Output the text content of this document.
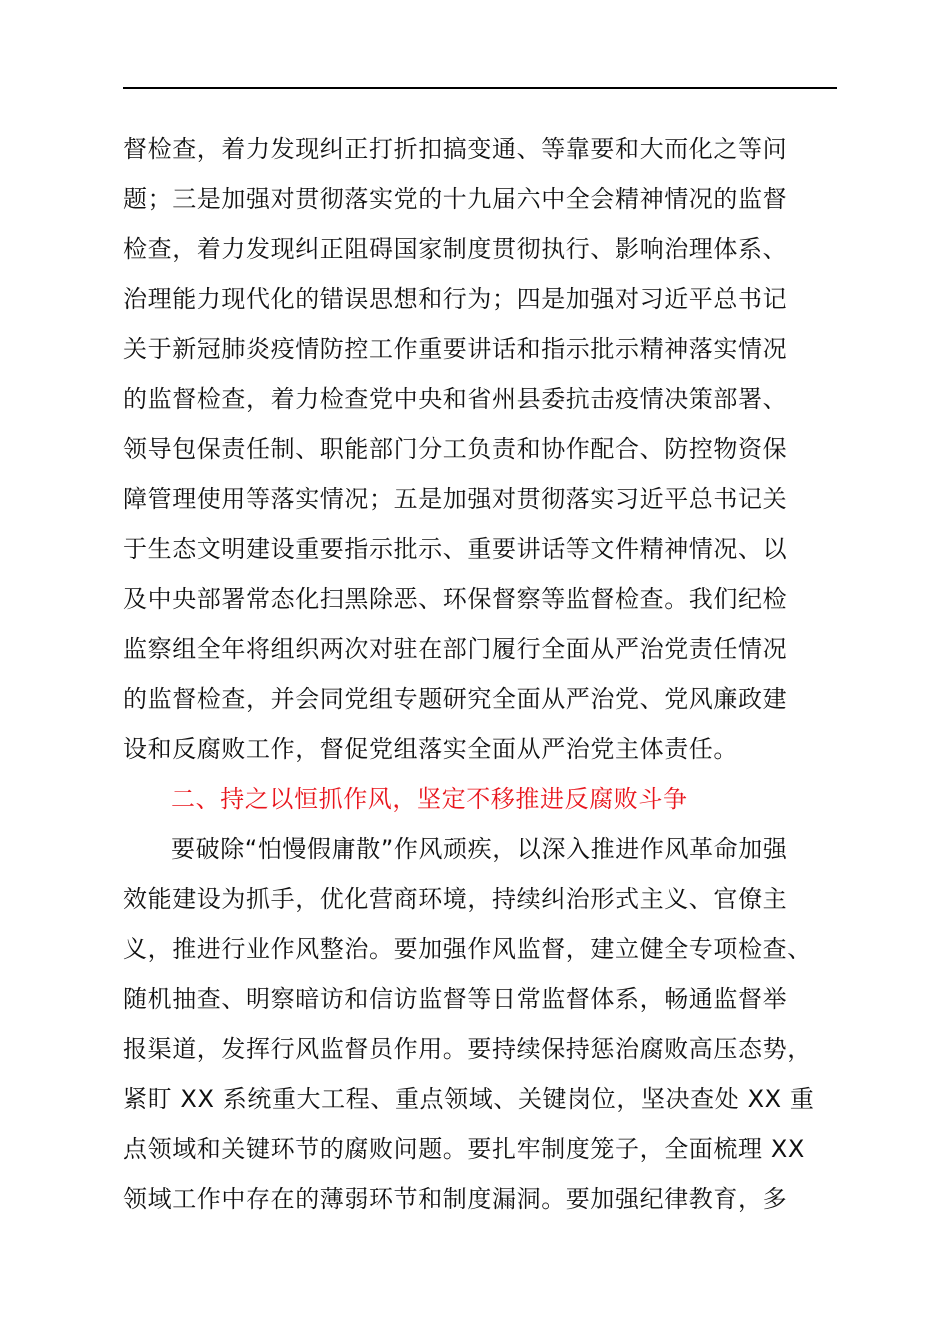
督检查，着力发现纠正打折扣搞变通、等靠要和大而化之等问
题；三是加强对贯彻落实党的十九届六中全会精神情况的监督
检查，着力发现纠正阻碍国家制度贯彻执行、影响治理体系、
治理能力现代化的错误思想和行为；四是加强对习近平总书记
关于新冠肺炎疫情防控工作重要讲话和指示批示精神落实情况
的监督检查，着力检查党中央和省州县委抗击疫情决策部署、
领导包保责任制、职能部门分工负责和协作配合、防控物资保
障管理使用等落实情况；五是加强对贯彻落实习近平总书记关
于生态文明建设重要指示批示、重要讲话等文件精神情况、以
及中央部署常态化扫黑除恶、环保督察等监督检查。我们纪检
监察组全年将组织两次对驻在部门履行全面从严治党责任情况
的监督检查，并会同党组专题研究全面从严治党、党风廉政建
设和反腐败工作，督促党组落实全面从严治党主体责任。
二、持之以恒抓作风，坚定不移推进反腐败斗争
要破除“怕慢假庸散”作风顽疾，以深入推进作风革命加强
效能建设为抓手，优化营商环境，持续纠治形式主义、官僚主
义，推进行业作风整治。要加强作风监督，建立健全专项检查、
随机抽查、明察暗访和信访监督等日常监督体系，畅通监督举
报渠道，发挥行风监督员作用。要持续保持惩治腐败高压态势，
紧盯 XX 系统重大工程、重点领域、关键岗位，坚决查处 XX 重
点领域和关键环节的腐败问题。要扎牢制度笼子，全面梳理 XX
领域工作中存在的薄弱环节和制度漏洞。要加强纪律教育，多
